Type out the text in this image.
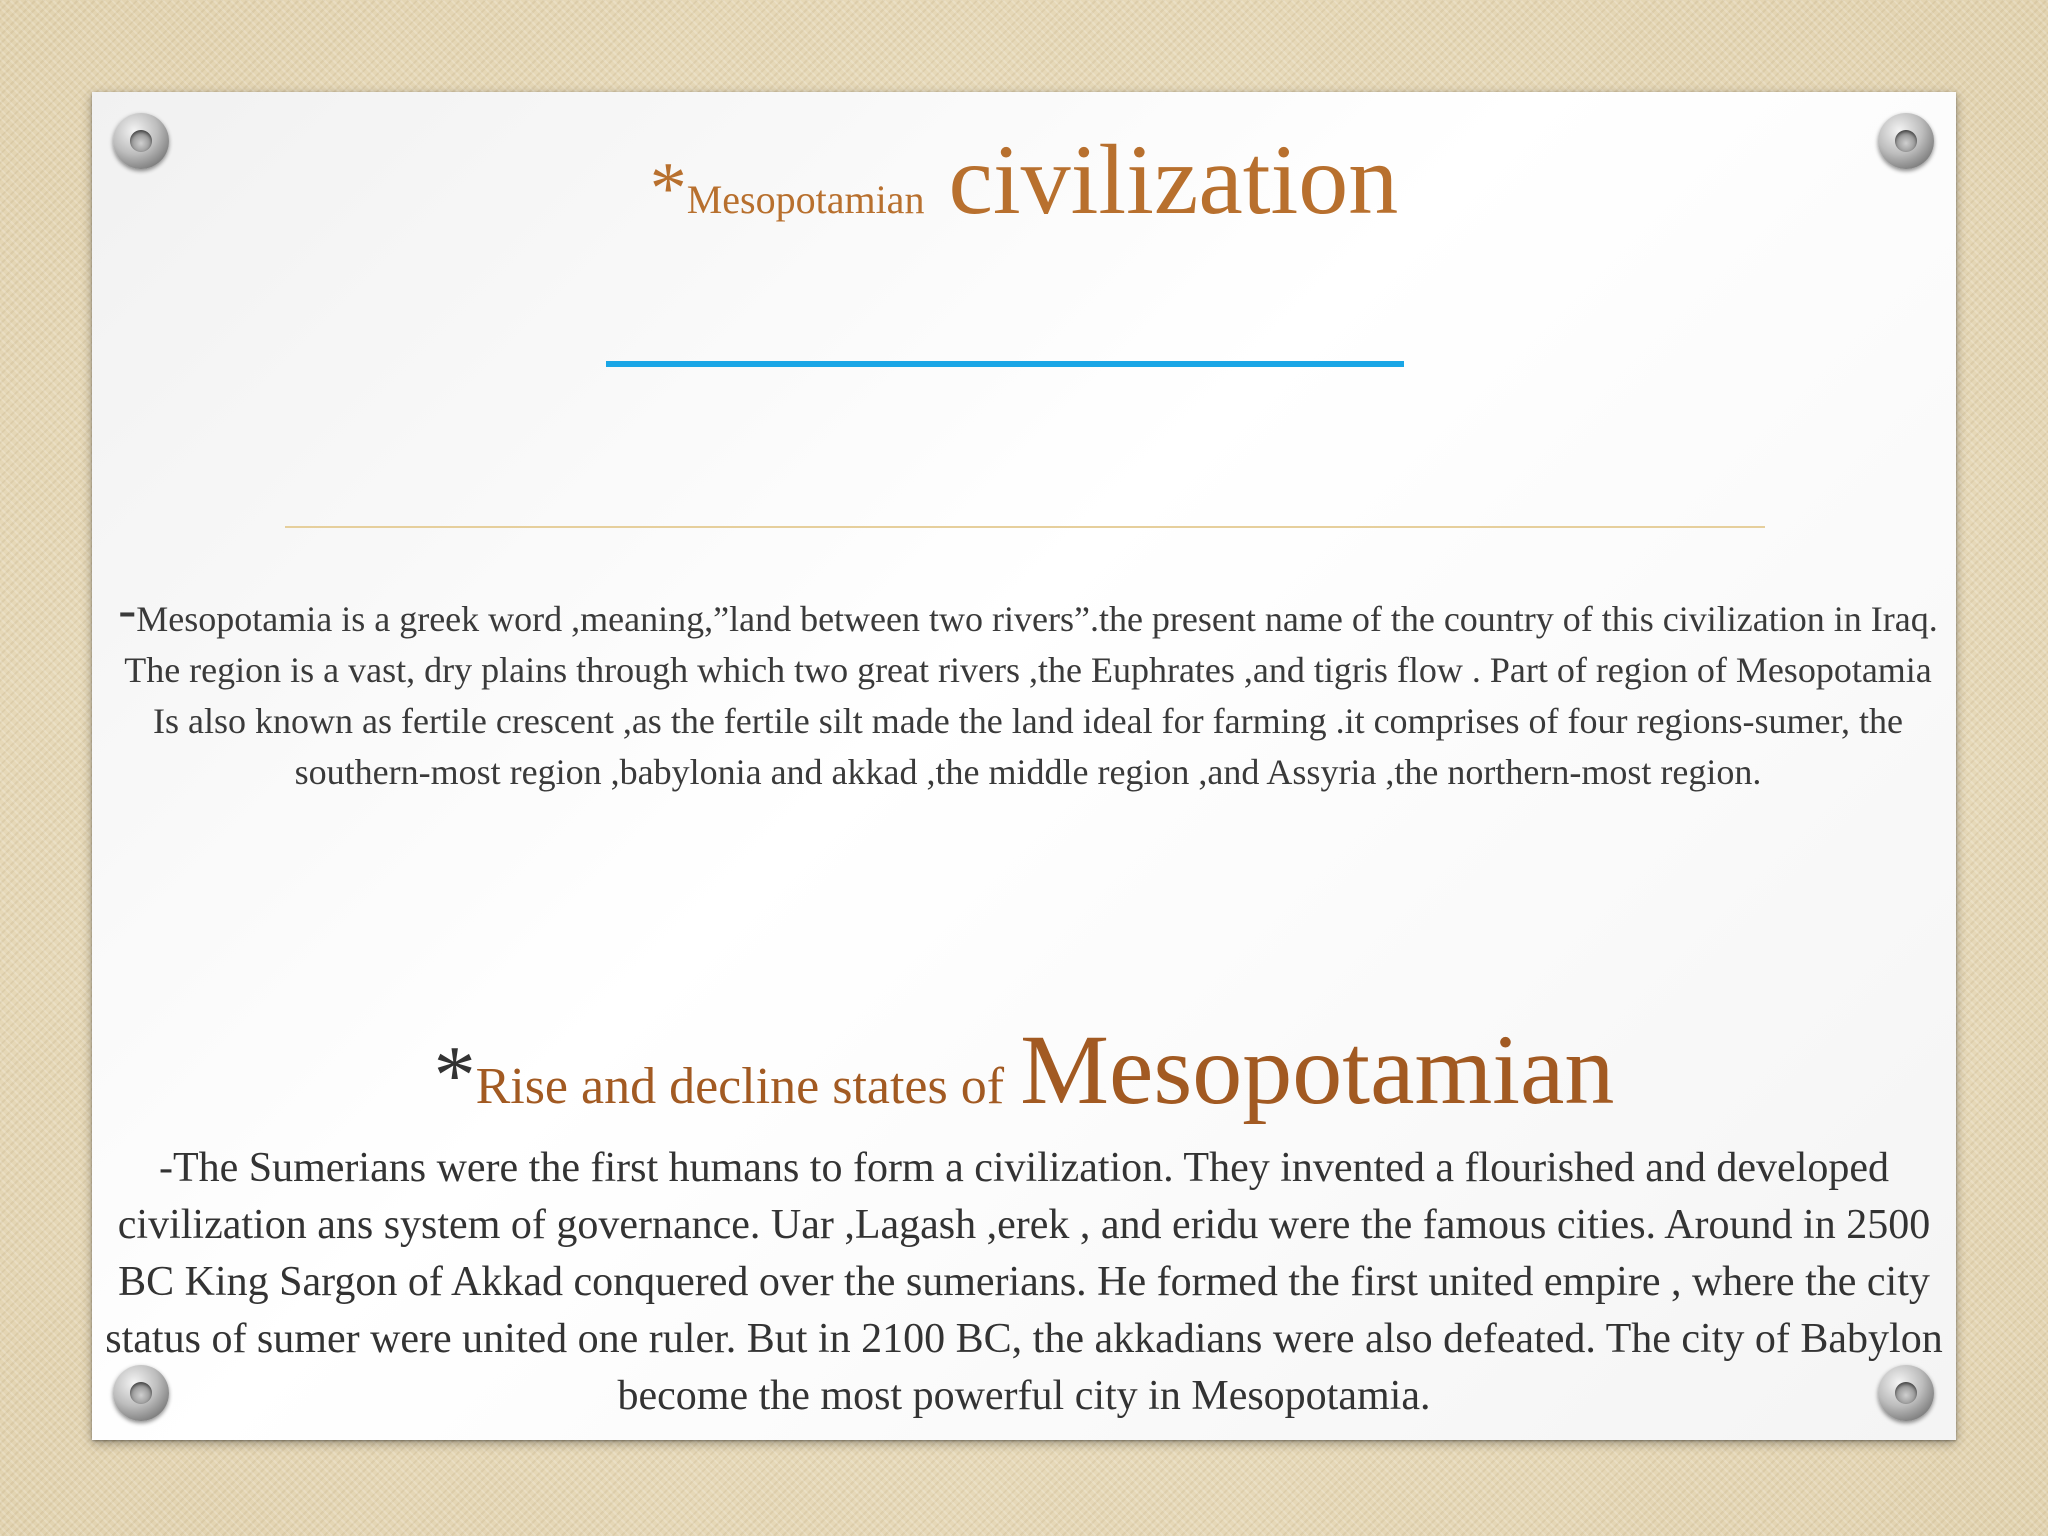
*Mesopotamian civilization
-Mesopotamia is a greek word ,meaning,”land between two rivers”.the present name of the country of this civilization in Iraq. The region is a vast, dry plains through which two great rivers ,the Euphrates ,and tigris flow . Part of region of Mesopotamia Is also known as fertile crescent ,as the fertile silt made the land ideal for farming .it comprises of four regions-sumer, the southern-most region ,babylonia and akkad ,the middle region ,and Assyria ,the northern-most region.
*Rise and decline states of Mesopotamian
-The Sumerians were the first humans to form a civilization. They invented a flourished and developed civilization ans system of governance. Uar ,Lagash ,erek , and eridu were the famous cities. Around in 2500 BC King Sargon of Akkad conquered over the sumerians. He formed the first united empire , where the city status of sumer were united one ruler. But in 2100 BC, the akkadians were also defeated. The city of Babylon become the most powerful city in Mesopotamia.
